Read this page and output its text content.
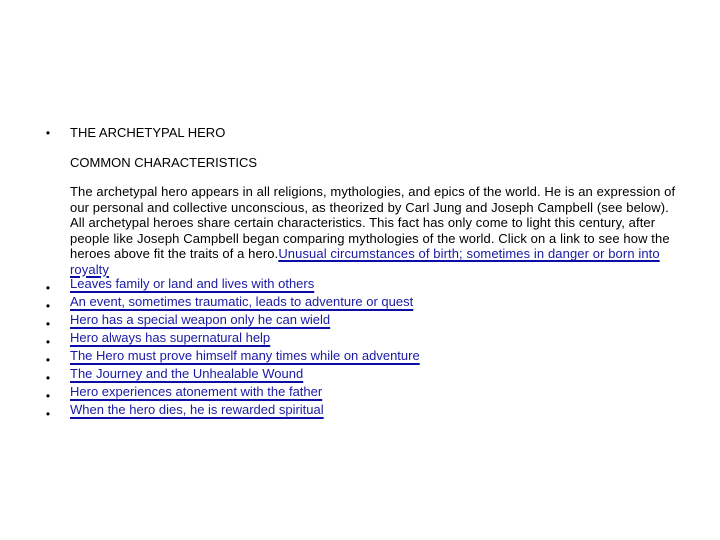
•	THE ARCHETYPAL HERO
COMMON CHARACTERISTICS
The archetypal hero appears in all religions, mythologies, and epics of the world. He is an expression of our personal and collective unconscious, as theorized by Carl Jung and Joseph Campbell (see below). All archetypal heroes share certain characteristics. This fact has only come to light this century, after people like Joseph Campbell began comparing mythologies of the world. Click on a link to see how the heroes above fit the traits of a hero.Unusual circumstances of birth; sometimes in danger or born into royalty
•	Leaves family or land and lives with others
•	An event, sometimes traumatic, leads to adventure or quest
•	Hero has a special weapon only he can wield
•	Hero always has supernatural help
•	The Hero must prove himself many times while on adventure
•	The Journey and the Unhealable Wound
•	Hero experiences atonement with the father
•	When the hero dies, he is rewarded spiritual
